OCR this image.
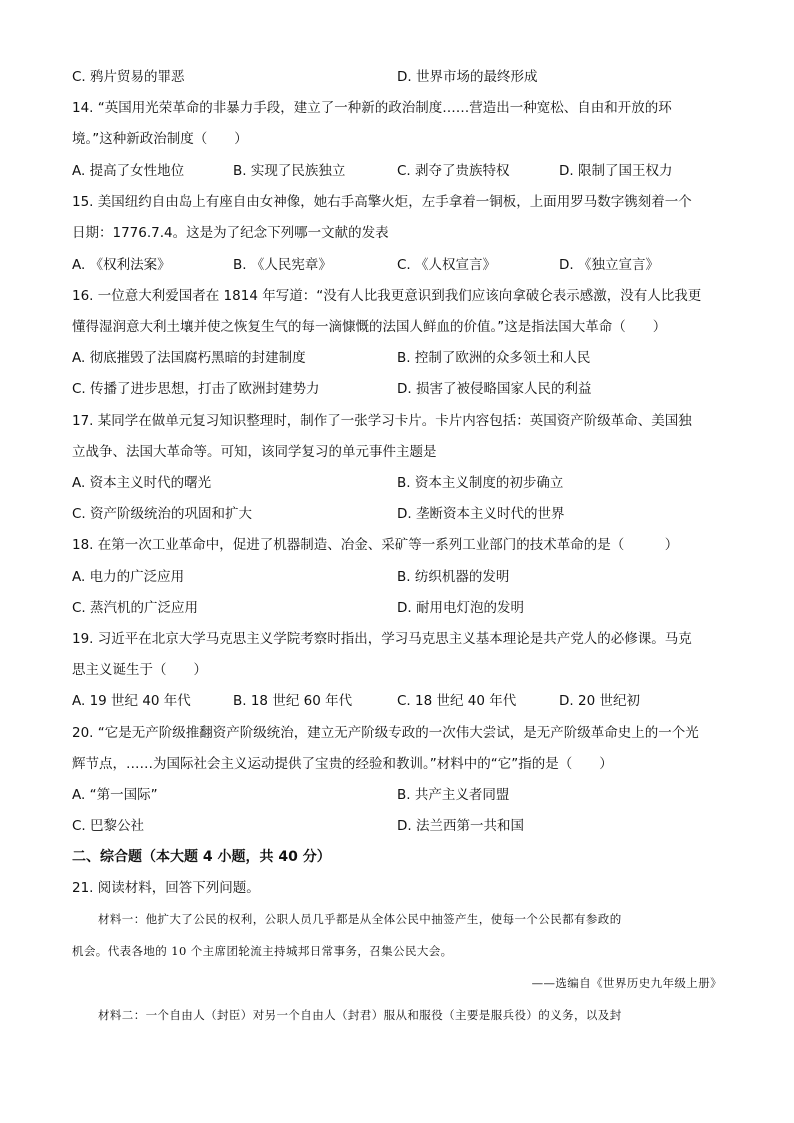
C. 鸦片贸易的罪恶	D. 世界市场的最终形成
14. “英国用光荣革命的非暴力手段，建立了一种新的政治制度……营造出一种宽松、自由和开放的环
境。”这种新政治制度（　　）
A. 提高了女性地位	B. 实现了民族独立	C. 剥夺了贵族特权	D. 限制了国王权力
15. 美国纽约自由岛上有座自由女神像，她右手高擎火炬，左手拿着一铜板，上面用罗马数字镌刻着一个
日期：1776.7.4。这是为了纪念下列哪一文献的发表
A. 《权利法案》	B. 《人民宪章》	C. 《人权宣言》	D. 《独立宣言》
16. 一位意大利爱国者在 1814 年写道：“没有人比我更意识到我们应该向拿破仑表示感激，没有人比我更
懂得湿润意大利土壤并使之恢复生气的每一滴慷慨的法国人鲜血的价值。”这是指法国大革命（　　）
A. 彻底摧毁了法国腐朽黑暗的封建制度	B. 控制了欧洲的众多领土和人民
C. 传播了进步思想，打击了欧洲封建势力	D. 损害了被侵略国家人民的利益
17. 某同学在做单元复习知识整理时，制作了一张学习卡片。卡片内容包括：英国资产阶级革命、美国独
立战争、法国大革命等。可知，该同学复习的单元事件主题是
A. 资本主义时代的曙光	B. 资本主义制度的初步确立
C. 资产阶级统治的巩固和扩大	D. 垄断资本主义时代的世界
18. 在第一次工业革命中，促进了机器制造、冶金、采矿等一系列工业部门的技术革命的是（　　　）
A. 电力的广泛应用	B. 纺织机器的发明
C. 蒸汽机的广泛应用	D. 耐用电灯泡的发明
19. 习近平在北京大学马克思主义学院考察时指出，学习马克思主义基本理论是共产党人的必修课。马克
思主义诞生于（　　）
A. 19 世纪 40 年代	B. 18 世纪 60 年代	C. 18 世纪 40 年代	D. 20 世纪初
20. “它是无产阶级推翻资产阶级统治，建立无产阶级专政的一次伟大尝试，是无产阶级革命史上的一个光
辉节点，……为国际社会主义运动提供了宝贵的经验和教训。”材料中的“它”指的是（　　）
A. “第一国际”	B. 共产主义者同盟
C. 巴黎公社	D. 法兰西第一共和国
二、综合题（本大题 4 小题，共 40 分）
21. 阅读材料，回答下列问题。
材料一：他扩大了公民的权利，公职人员几乎都是从全体公民中抽签产生，使每一个公民都有参政的
机会。代表各地的 10 个主席团轮流主持城邦日常事务，召集公民大会。
——选编自《世界历史九年级上册》
材料二：一个自由人（封臣）对另一个自由人（封君）服从和服役（主要是服兵役）的义务，以及封
